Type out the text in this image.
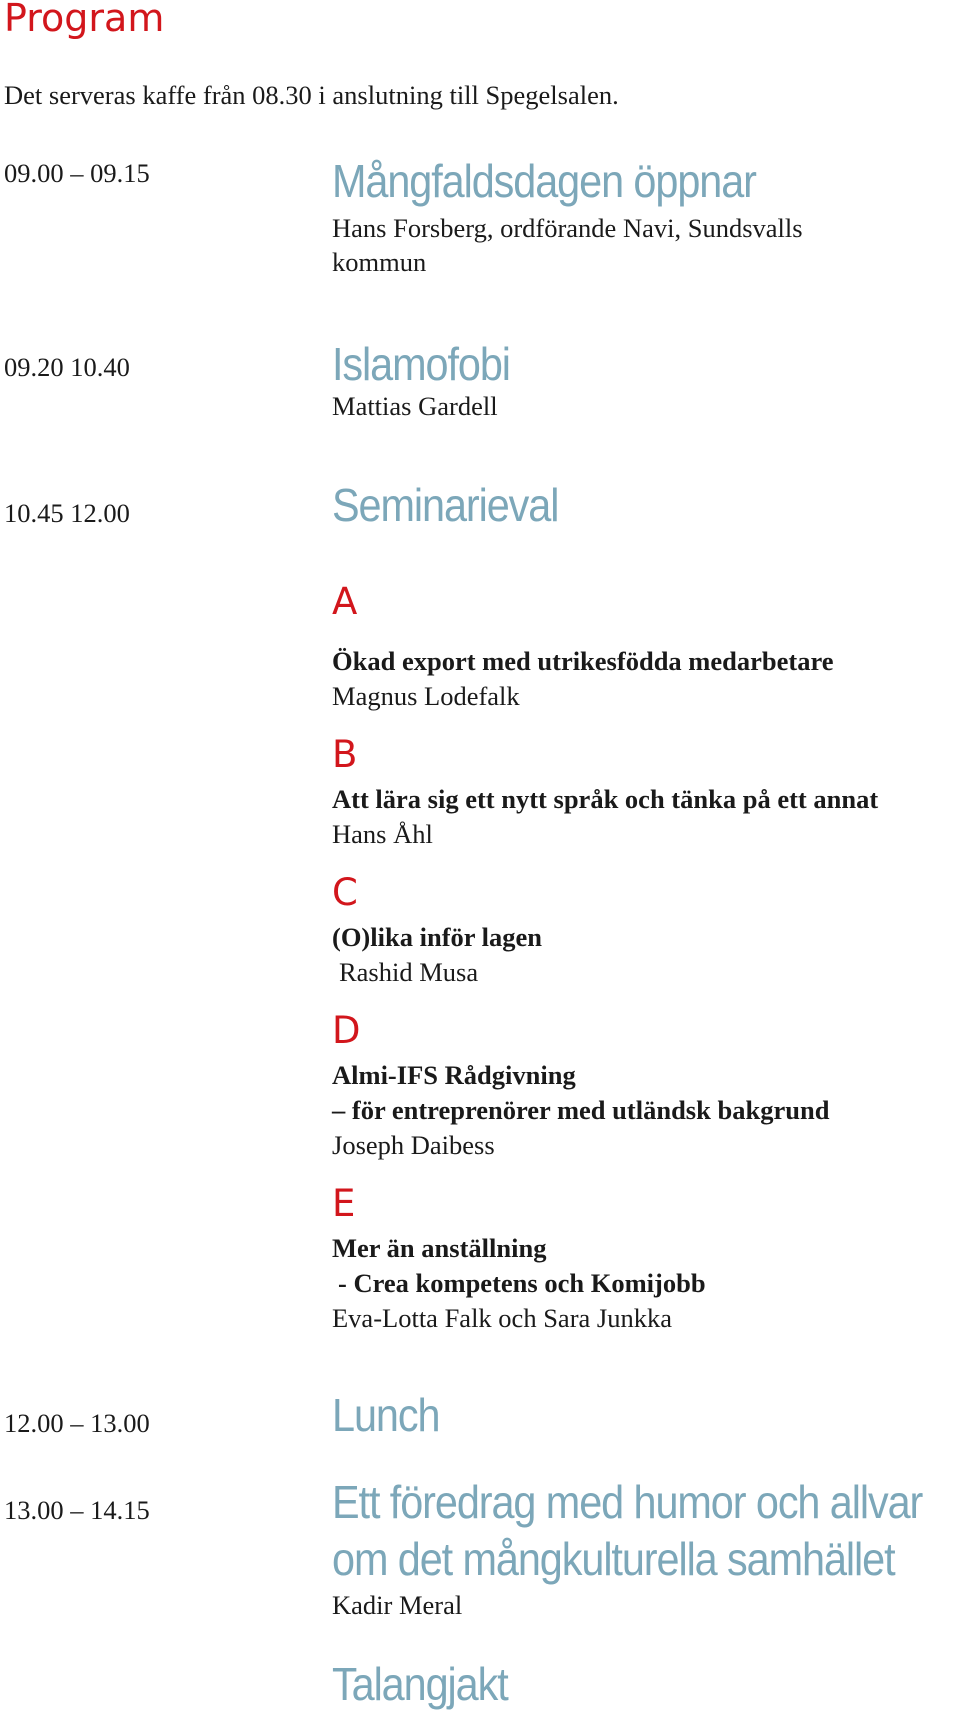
Program
Det serveras kaffe från 08.30 i anslutning till Spegelsalen.
09.00 – 09.15	Mångfaldsdagen öppnar
Hans Forsberg, ordförande Navi, Sundsvalls
kommun
09.20 10.40	Islamofobi
Mattias Gardell
10.45 12.00	Seminarieval
A
Ökad export med utrikesfödda medarbetare
Magnus Lodefalk
B
Att lära sig ett nytt språk och tänka på ett annat
Hans Åhl
C
(O)lika inför lagen
Rashid Musa
D
Almi-IFS Rådgivning
– för entreprenörer med utländsk bakgrund
Joseph Daibess
E
Mer än anställning
- Crea kompetens och Komijobb
Eva-Lotta Falk och Sara Junkka
12.00 – 13.00	Lunch
13.00 – 14.15	Ett föredrag med humor och allvar
om det mångkulturella samhället
Kadir Meral
Talangjakt
